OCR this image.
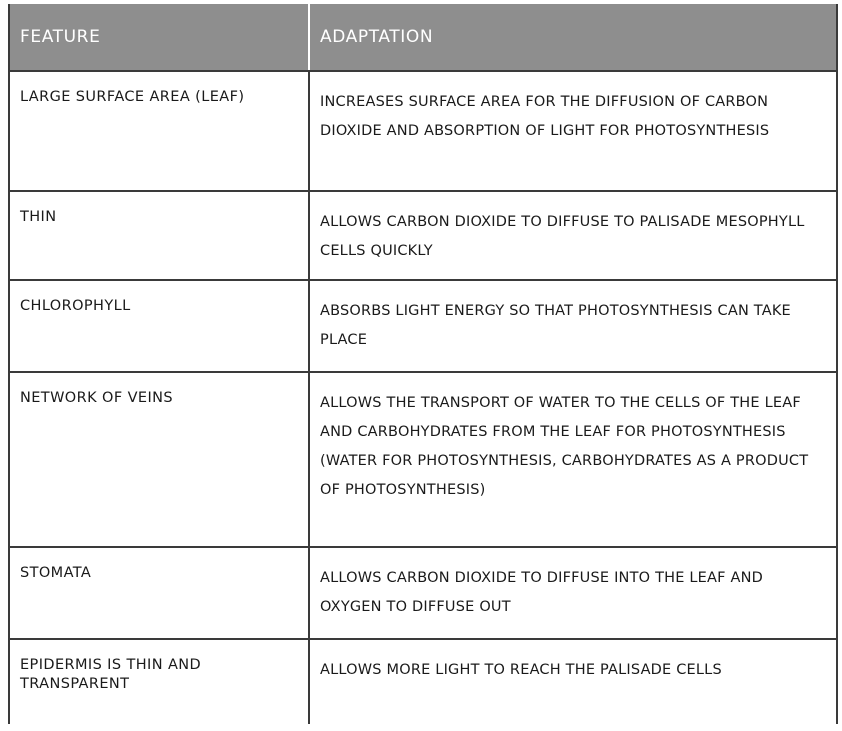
FEATURE	ADAPTATION
LARGE SURFACE AREA (LEAF)	INCREASES SURFACE AREA FOR THE DIFFUSION OF CARBON DIOXIDE AND ABSORPTION OF LIGHT FOR PHOTOSYNTHESIS
THIN	ALLOWS CARBON DIOXIDE TO DIFFUSE TO PALISADE MESOPHYLL CELLS QUICKLY
CHLOROPHYLL	ABSORBS LIGHT ENERGY SO THAT PHOTOSYNTHESIS CAN TAKE PLACE
NETWORK OF VEINS	ALLOWS THE TRANSPORT OF WATER TO THE CELLS OF THE LEAF AND CARBOHYDRATES FROM THE LEAF FOR PHOTOSYNTHESIS (WATER FOR PHOTOSYNTHESIS, CARBOHYDRATES AS A PRODUCT OF PHOTOSYNTHESIS)
STOMATA	ALLOWS CARBON DIOXIDE TO DIFFUSE INTO THE LEAF AND OXYGEN TO DIFFUSE OUT
EPIDERMIS IS THIN AND TRANSPARENT	ALLOWS MORE LIGHT TO REACH THE PALISADE CELLS
